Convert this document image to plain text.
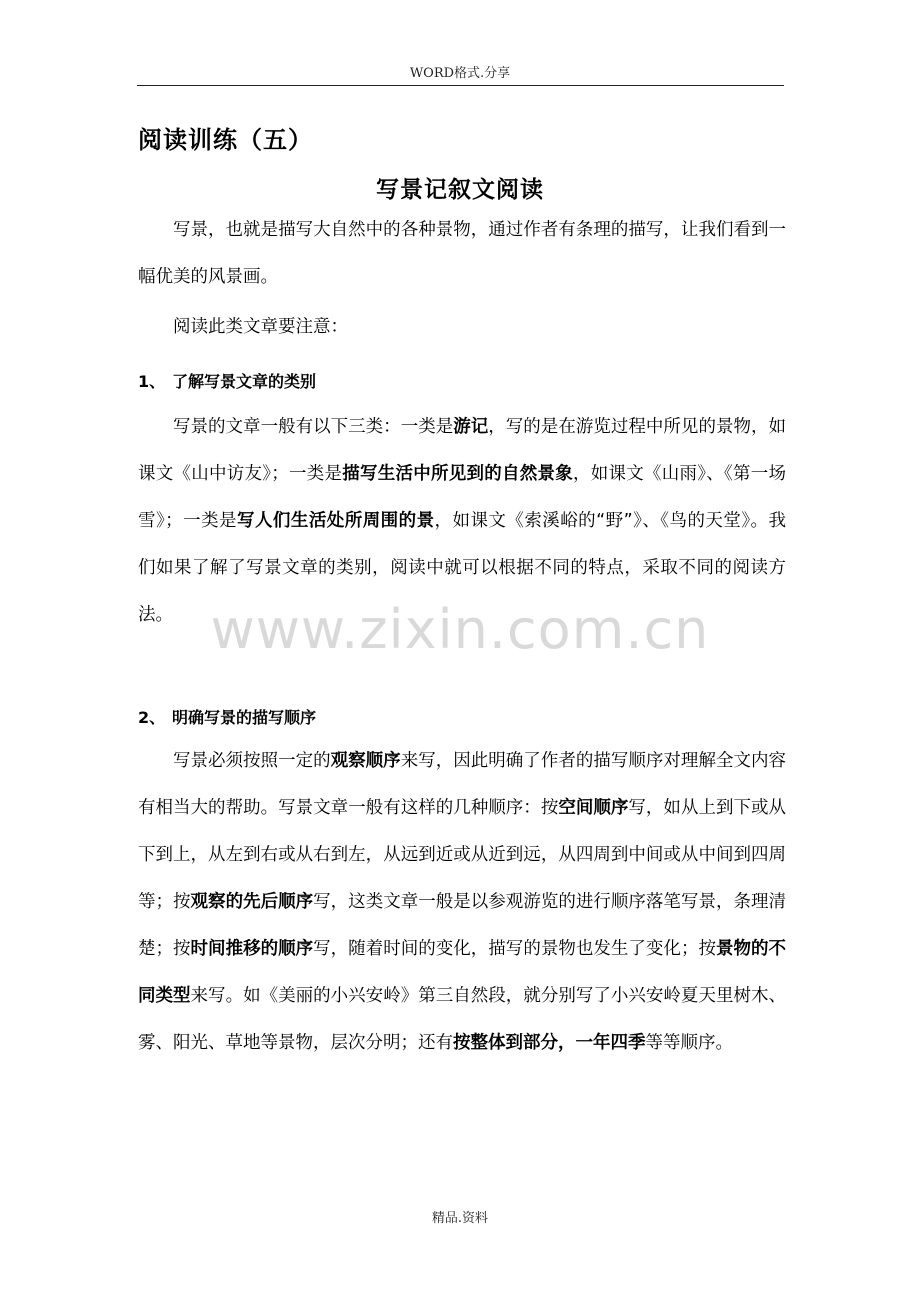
WORD格式.分享
阅读训练（五）
写景记叙文阅读

写景，也就是描写大自然中的各种景物，通过作者有条理的描写，让我们看到一幅优美的风景画。

阅读此类文章要注意：

1、 了解写景文章的类别

写景的文章一般有以下三类：一类是游记，写的是在游览过程中所见的景物，如课文《山中访友》；一类是描写生活中所见到的自然景象，如课文《山雨》、《第一场雪》；一类是写人们生活处所周围的景，如课文《索溪峪的“野”》、《鸟的天堂》。我们如果了解了写景文章的类别，阅读中就可以根据不同的特点，采取不同的阅读方法。 www.zixin.com.cn
2、 明确写景的描写顺序

写景必须按照一定的观察顺序来写，因此明确了作者的描写顺序对理解全文内容有相当大的帮助。写景文章一般有这样的几种顺序：按空间顺序写，如从上到下或从下到上，从左到右或从右到左，从远到近或从近到远，从四周到中间或从中间到四周等；按观察的先后顺序写，这类文章一般是以参观游览的进行顺序落笔写景，条理清楚；按时间推移的顺序写，随着时间的变化，描写的景物也发生了变化；按景物的不同类型来写。如《美丽的小兴安岭》第三自然段，就分别写了小兴安岭夏天里树木、雾、阳光、草地等景物，层次分明；还有按整体到部分，一年四季等等顺序。

精品.资料
